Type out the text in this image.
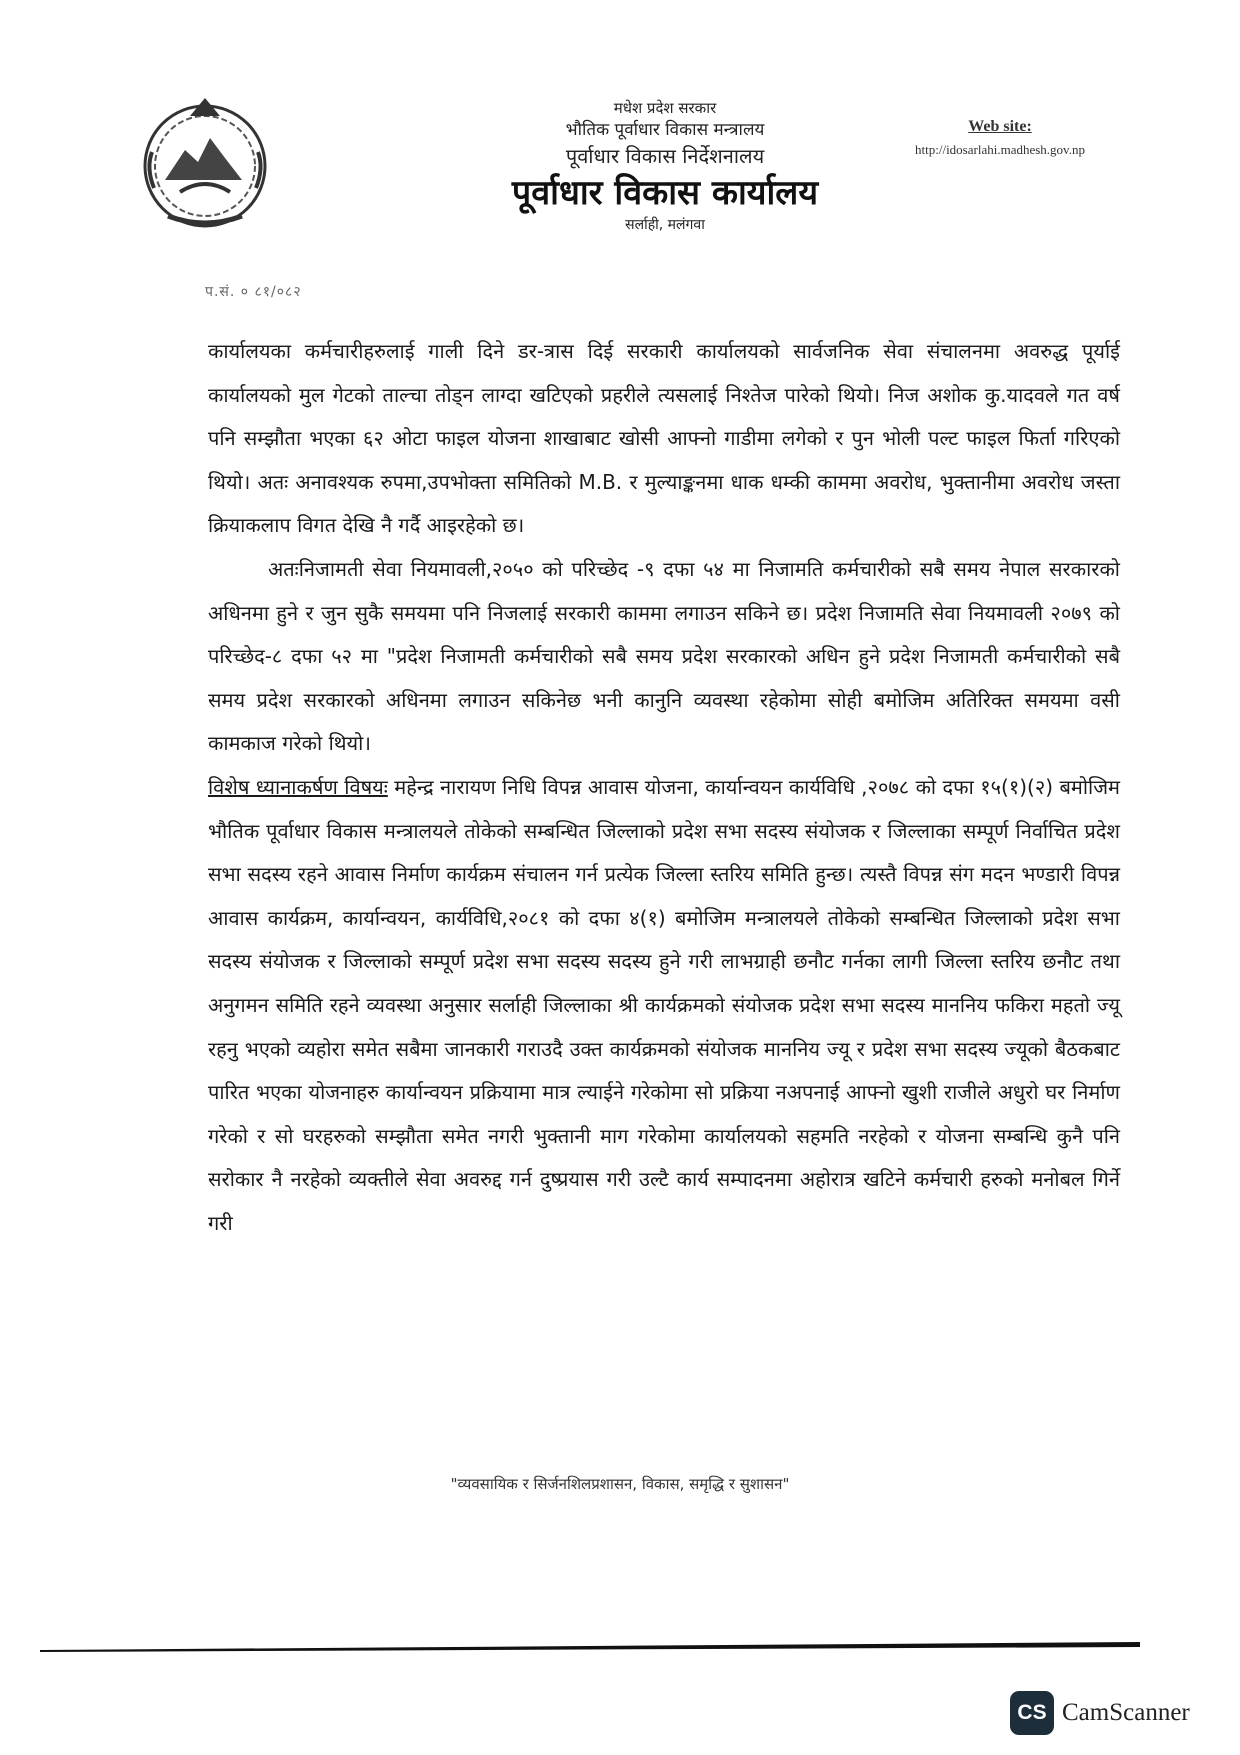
मधेश प्रदेश सरकार
भौतिक पूर्वाधार विकास मन्त्रालय
पूर्वाधार विकास निर्देशनालय
पूर्वाधार विकास कार्यालय
सर्लाही, मलंगवा
Web site:
http://idosarlahi.madhesh.gov.np
प.सं. ० ८१/०८२

कार्यालयका कर्मचारीहरुलाई गाली दिने डर-त्रास दिई सरकारी कार्यालयको सार्वजनिक सेवा संचालनमा अवरुद्ध पूर्याई कार्यालयको मुल गेटको ताल्चा तोड्न लाग्दा खटिएको प्रहरीले त्यसलाई निश्तेज पारेको थियो। निज अशोक कु.यादवले गत वर्ष पनि सम्झौता भएका ६२ ओटा फाइल योजना शाखाबाट खोसी आफ्नो गाडीमा लगेको र पुन भोली पल्ट फाइल फिर्ता गरिएको थियो। अतः अनावश्यक रुपमा,उपभोक्ता समितिको M.B. र मुल्याङ्कनमा धाक धम्की काममा अवरोध, भुक्तानीमा अवरोध जस्ता क्रियाकलाप विगत देखि नै गर्दै आइरहेको छ।

अतःनिजामती सेवा नियमावली,२०५० को परिच्छेद -९ दफा ५४ मा निजामति कर्मचारीको सबै समय नेपाल सरकारको अधिनमा हुने र जुन सुकै समयमा पनि निजलाई सरकारी काममा लगाउन सकिने छ। प्रदेश निजामति सेवा नियमावली २०७९ को परिच्छेद-८ दफा ५२ मा "प्रदेश निजामती कर्मचारीको सबै समय प्रदेश सरकारको अधिन हुने प्रदेश निजामती कर्मचारीको सबै समय प्रदेश सरकारको अधिनमा लगाउन सकिनेछ भनी कानुनि व्यवस्था रहेकोमा सोही बमोजिम अतिरिक्त समयमा वसी कामकाज गरेको थियो।

विशेष ध्यानाकर्षण विषयः महेन्द्र नारायण निधि विपन्न आवास योजना, कार्यान्वयन कार्यविधि ,२०७८ को दफा १५(१)(२) बमोजिम भौतिक पूर्वाधार विकास मन्त्रालयले तोकेको सम्बन्धित जिल्लाको प्रदेश सभा सदस्य संयोजक र जिल्लाका सम्पूर्ण निर्वाचित प्रदेश सभा सदस्य रहने आवास निर्माण कार्यक्रम संचालन गर्न प्रत्येक जिल्ला स्तरिय समिति हुन्छ। त्यस्तै विपन्न संग मदन भण्डारी विपन्न आवास कार्यक्रम, कार्यान्वयन, कार्यविधि,२०८१ को दफा ४(१) बमोजिम मन्त्रालयले तोकेको सम्बन्धित जिल्लाको प्रदेश सभा सदस्य संयोजक र जिल्लाको सम्पूर्ण प्रदेश सभा सदस्य सदस्य हुने गरी लाभग्राही छनौट गर्नका लागी जिल्ला स्तरिय छनौट तथा अनुगमन समिति रहने व्यवस्था अनुसार सर्लाही जिल्लाका श्री कार्यक्रमको संयोजक प्रदेश सभा सदस्य माननिय फकिरा महतो ज्यू रहनु भएको व्यहोरा समेत सबैमा जानकारी गराउदै उक्त कार्यक्रमको संयोजक माननिय ज्यू र प्रदेश सभा सदस्य ज्यूको बैठकबाट पारित भएका योजनाहरु कार्यान्वयन प्रक्रियामा मात्र ल्याईने गरेकोमा सो प्रक्रिया नअपनाई आफ्नो खुशी राजीले अधुरो घर निर्माण गरेको र सो घरहरुको सम्झौता समेत नगरी भुक्तानी माग गरेकोमा कार्यालयको सहमति नरहेको र योजना सम्बन्धि कुनै पनि सरोकार नै नरहेको व्यक्तीले सेवा अवरुद्द गर्न दुष्प्रयास गरी उल्टै कार्य सम्पादनमा अहोरात्र खटिने कर्मचारी हरुको मनोबल गिर्ने गरी

"व्यवसायिक र सिर्जनशिलप्रशासन, विकास, समृद्धि र सुशासन"
CS CamScanner
